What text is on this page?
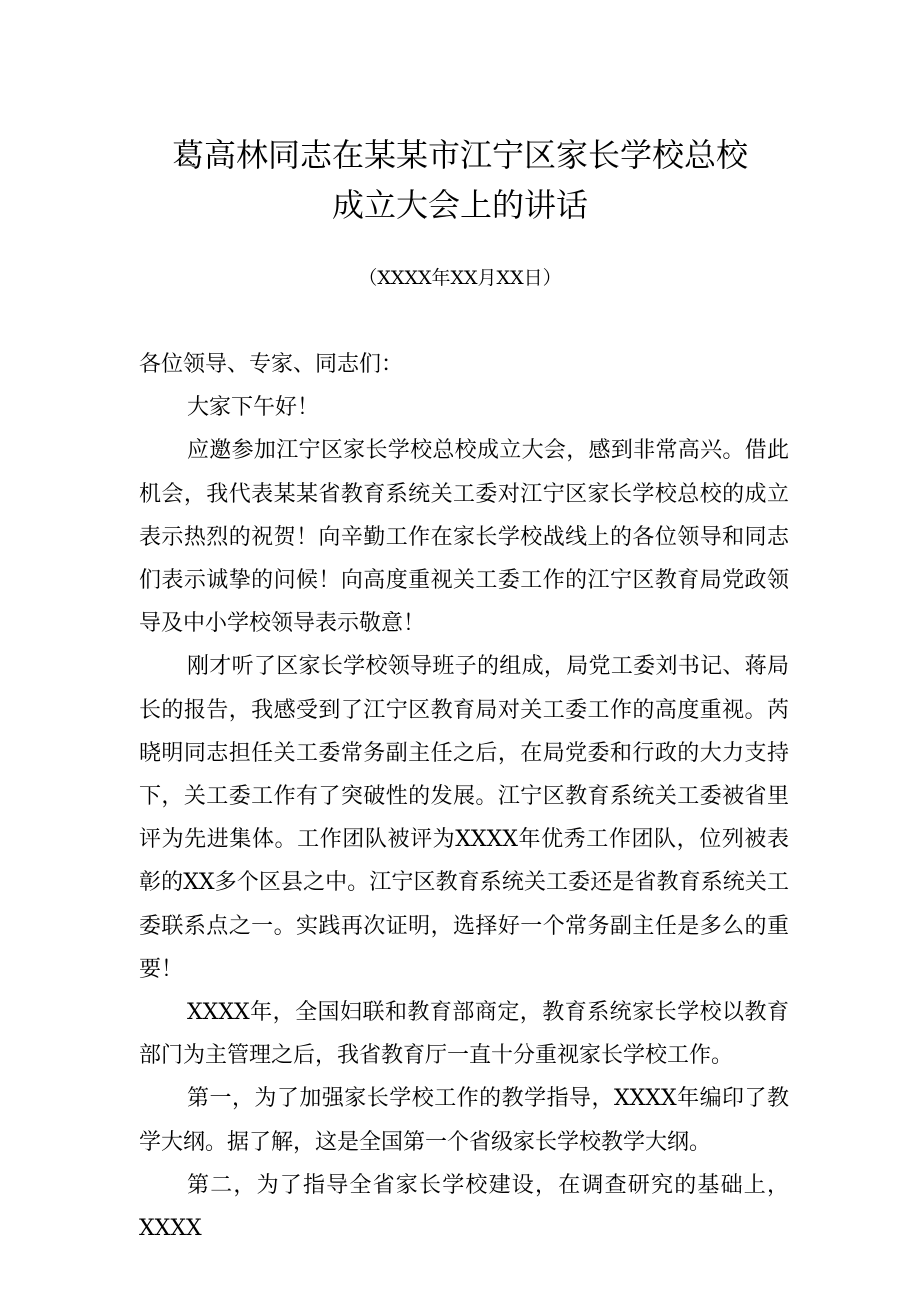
葛高林同志在某某市江宁区家长学校总校
成立大会上的讲话
（XXXX年XX月XX日）

各位领导、专家、同志们：

大家下午好！

应邀参加江宁区家长学校总校成立大会，感到非常高兴。借此机会，我代表某某省教育系统关工委对江宁区家长学校总校的成立表示热烈的祝贺！向辛勤工作在家长学校战线上的各位领导和同志们表示诚挚的问候！向高度重视关工委工作的江宁区教育局党政领导及中小学校领导表示敬意！

刚才听了区家长学校领导班子的组成，局党工委刘书记、蒋局长的报告，我感受到了江宁区教育局对关工委工作的高度重视。芮晓明同志担任关工委常务副主任之后，在局党委和行政的大力支持下，关工委工作有了突破性的发展。江宁区教育系统关工委被省里评为先进集体。工作团队被评为XXXX年优秀工作团队，位列被表彰的XX多个区县之中。江宁区教育系统关工委还是省教育系统关工委联系点之一。实践再次证明，选择好一个常务副主任是多么的重要！

XXXX年，全国妇联和教育部商定，教育系统家长学校以教育部门为主管理之后，我省教育厅一直十分重视家长学校工作。

第一，为了加强家长学校工作的教学指导，XXXX年编印了教学大纲。据了解，这是全国第一个省级家长学校教学大纲。

第二，为了指导全省家长学校建设，在调查研究的基础上，XXXX
